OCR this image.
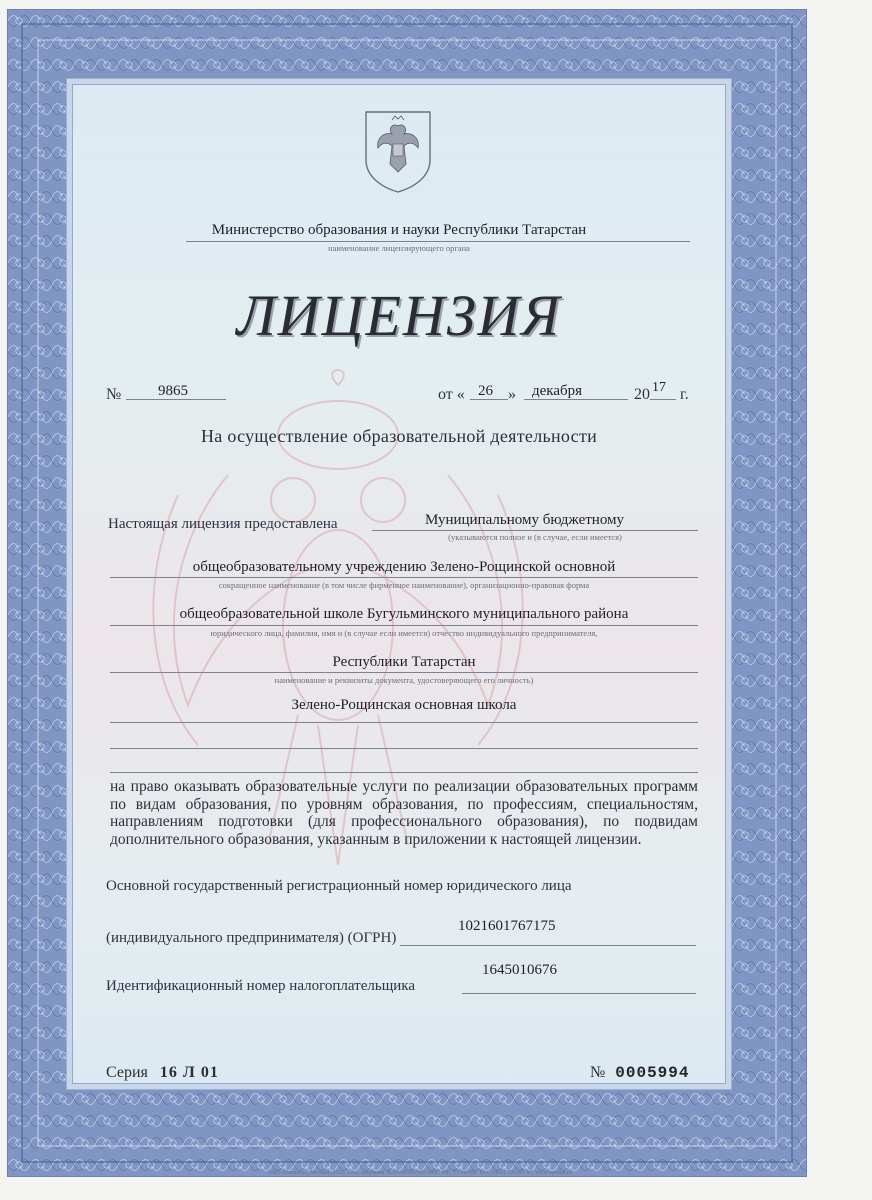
Министерство образования и науки Республики Татарстан
наименование лицензирующего органа
ЛИЦЕНЗИЯ
№ 9865	от « 26 » декабря	20 17 г.
На осуществление образовательной деятельности
Настоящая лицензия предоставлена	Муниципальному бюджетному
(указываются полное и (в случае, если имеется)
общеобразовательному учреждению Зелено-Рощинской основной
сокращенное наименование (в том числе фирменное наименование), организационно-правовая форма
общеобразовательной школе Бугульминского муниципального района
юридического лица, фамилия, имя и (в случае если имеется) отчество индивидуального предпринимателя,
Республики Татарстан
наименование и реквизиты документа, удостоверяющего его личность)
Зелено-Рощинская основная школа
на право оказывать образовательные услуги по реализации образовательных программ по видам образования, по уровням образования, по профессиям, специальностям, направлениям подготовки (для профессионального образования), по подвидам дополнительного образования, указанным в приложении к настоящей лицензии.
Основной государственный регистрационный номер юридического лица
(индивидуального предпринимателя) (ОГРН)
1021601767175
Идентификационный номер налогоплательщика
1645010676
Серия 16 Л 01	№ 0005994
ЗАО «Опцион», Москва, 2015, «А», лицензия № 05-05-09/003 ФНС РФ, ТЗ №399. Тел.: (495) 726-47-42, www.opcion.ru
